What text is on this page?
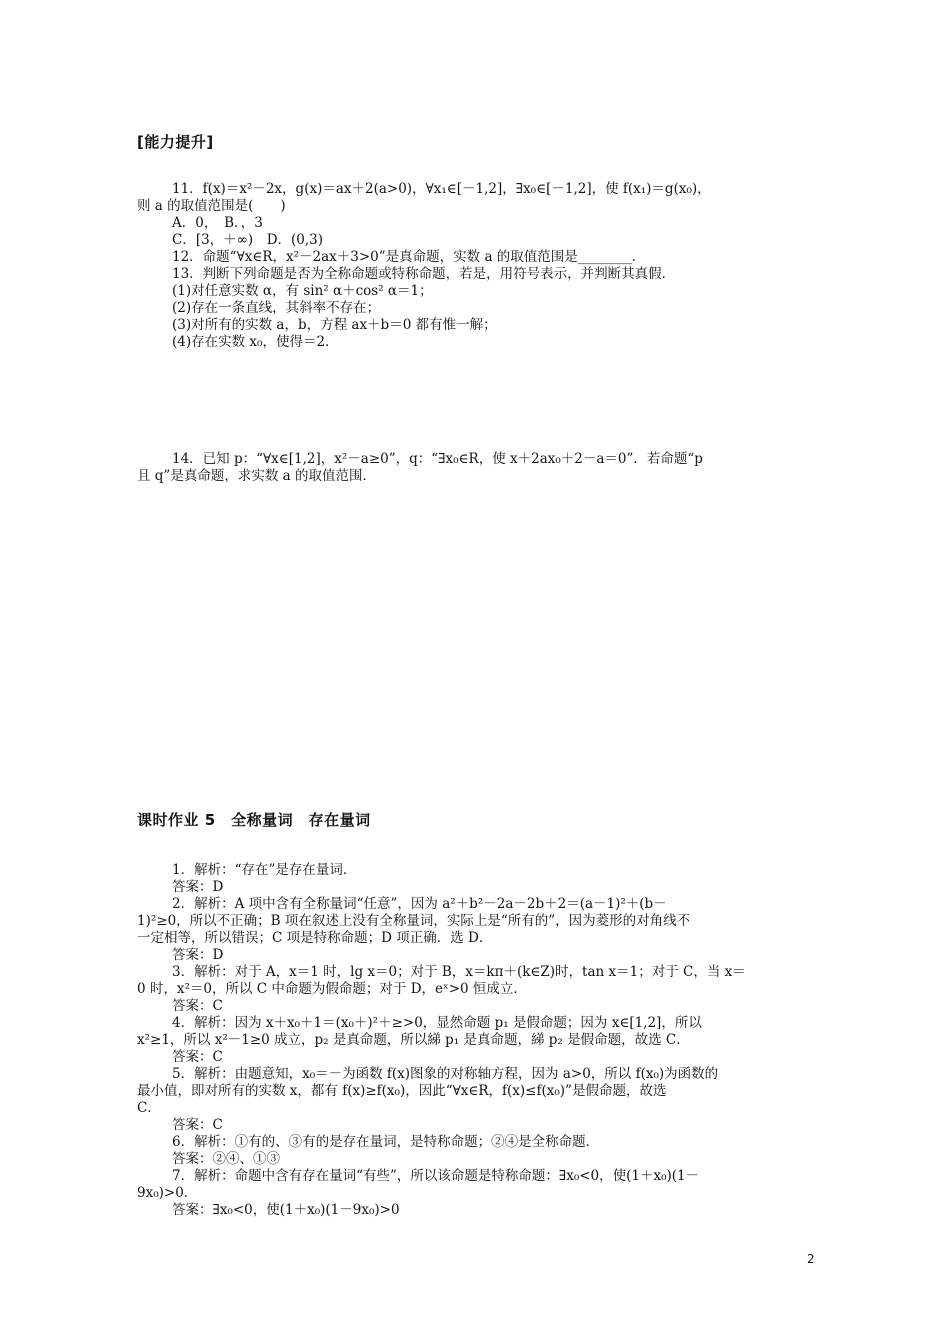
[能力提升]
11．f(x)＝x²－2x，g(x)＝ax＋2(a>0)，∀x₁∈[－1,2]，∃x₀∈[－1,2]，使 f(x₁)＝g(x₀)，
则 a 的取值范围是(　　)
A．0，　B．，3
C．[3，＋∞)　D．(0,3)
12．命题“∀x∈R，x²－2ax＋3>0”是真命题，实数 a 的取值范围是________．
13．判断下列命题是否为全称命题或特称命题，若是，用符号表示，并判断其真假．
(1)对任意实数 α，有 sin² α＋cos² α＝1；
(2)存在一条直线，其斜率不存在；
(3)对所有的实数 a，b，方程 ax＋b＝0 都有惟一解；
(4)存在实数 x₀，使得＝2．
14．已知 p：“∀x∈[1,2]，x²－a≥0”，q：“∃x₀∈R，使 x＋2ax₀＋2－a＝0”．若命题“p
且 q”是真命题，求实数 a 的取值范围．
课时作业 5　全称量词　存在量词
1．解析：“存在”是存在量词．
答案：D
2．解析：A 项中含有全称量词“任意”，因为 a²＋b²－2a－2b＋2＝(a－1)²＋(b－
1)²≥0，所以不正确；B 项在叙述上没有全称量词，实际上是“所有的”，因为菱形的对角线不
一定相等，所以错误；C 项是特称命题；D 项正确．选 D．
答案：D
3．解析：对于 A，x＝1 时，lg x＝0；对于 B，x＝kπ＋(k∈Z)时，tan x＝1；对于 C，当 x＝
0 时，x²＝0，所以 C 中命题为假命题；对于 D，eˣ>0 恒成立．
答案：C
4．解析：因为 x＋x₀＋1＝(x₀＋)²＋≥>0，显然命题 p₁ 是假命题；因为 x∈[1,2]，所以
x²≥1，所以 x²－1≥0 成立，p₂ 是真命题，所以綈 p₁ 是真命题，綈 p₂ 是假命题，故选 C．
答案：C
5．解析：由题意知，x₀＝－为函数 f(x)图象的对称轴方程，因为 a>0，所以 f(x₀)为函数的
最小值，即对所有的实数 x，都有 f(x)≥f(x₀)，因此“∀x∈R，f(x)≤f(x₀)”是假命题，故选
C．
答案：C
6．解析：①有的、③有的是存在量词，是特称命题；②④是全称命题．
答案：②④、①③
7．解析：命题中含有存在量词“有些”，所以该命题是特称命题：∃x₀<0，使(1＋x₀)(1－
9x₀)>0．
答案：∃x₀<0，使(1＋x₀)(1－9x₀)>0
2
